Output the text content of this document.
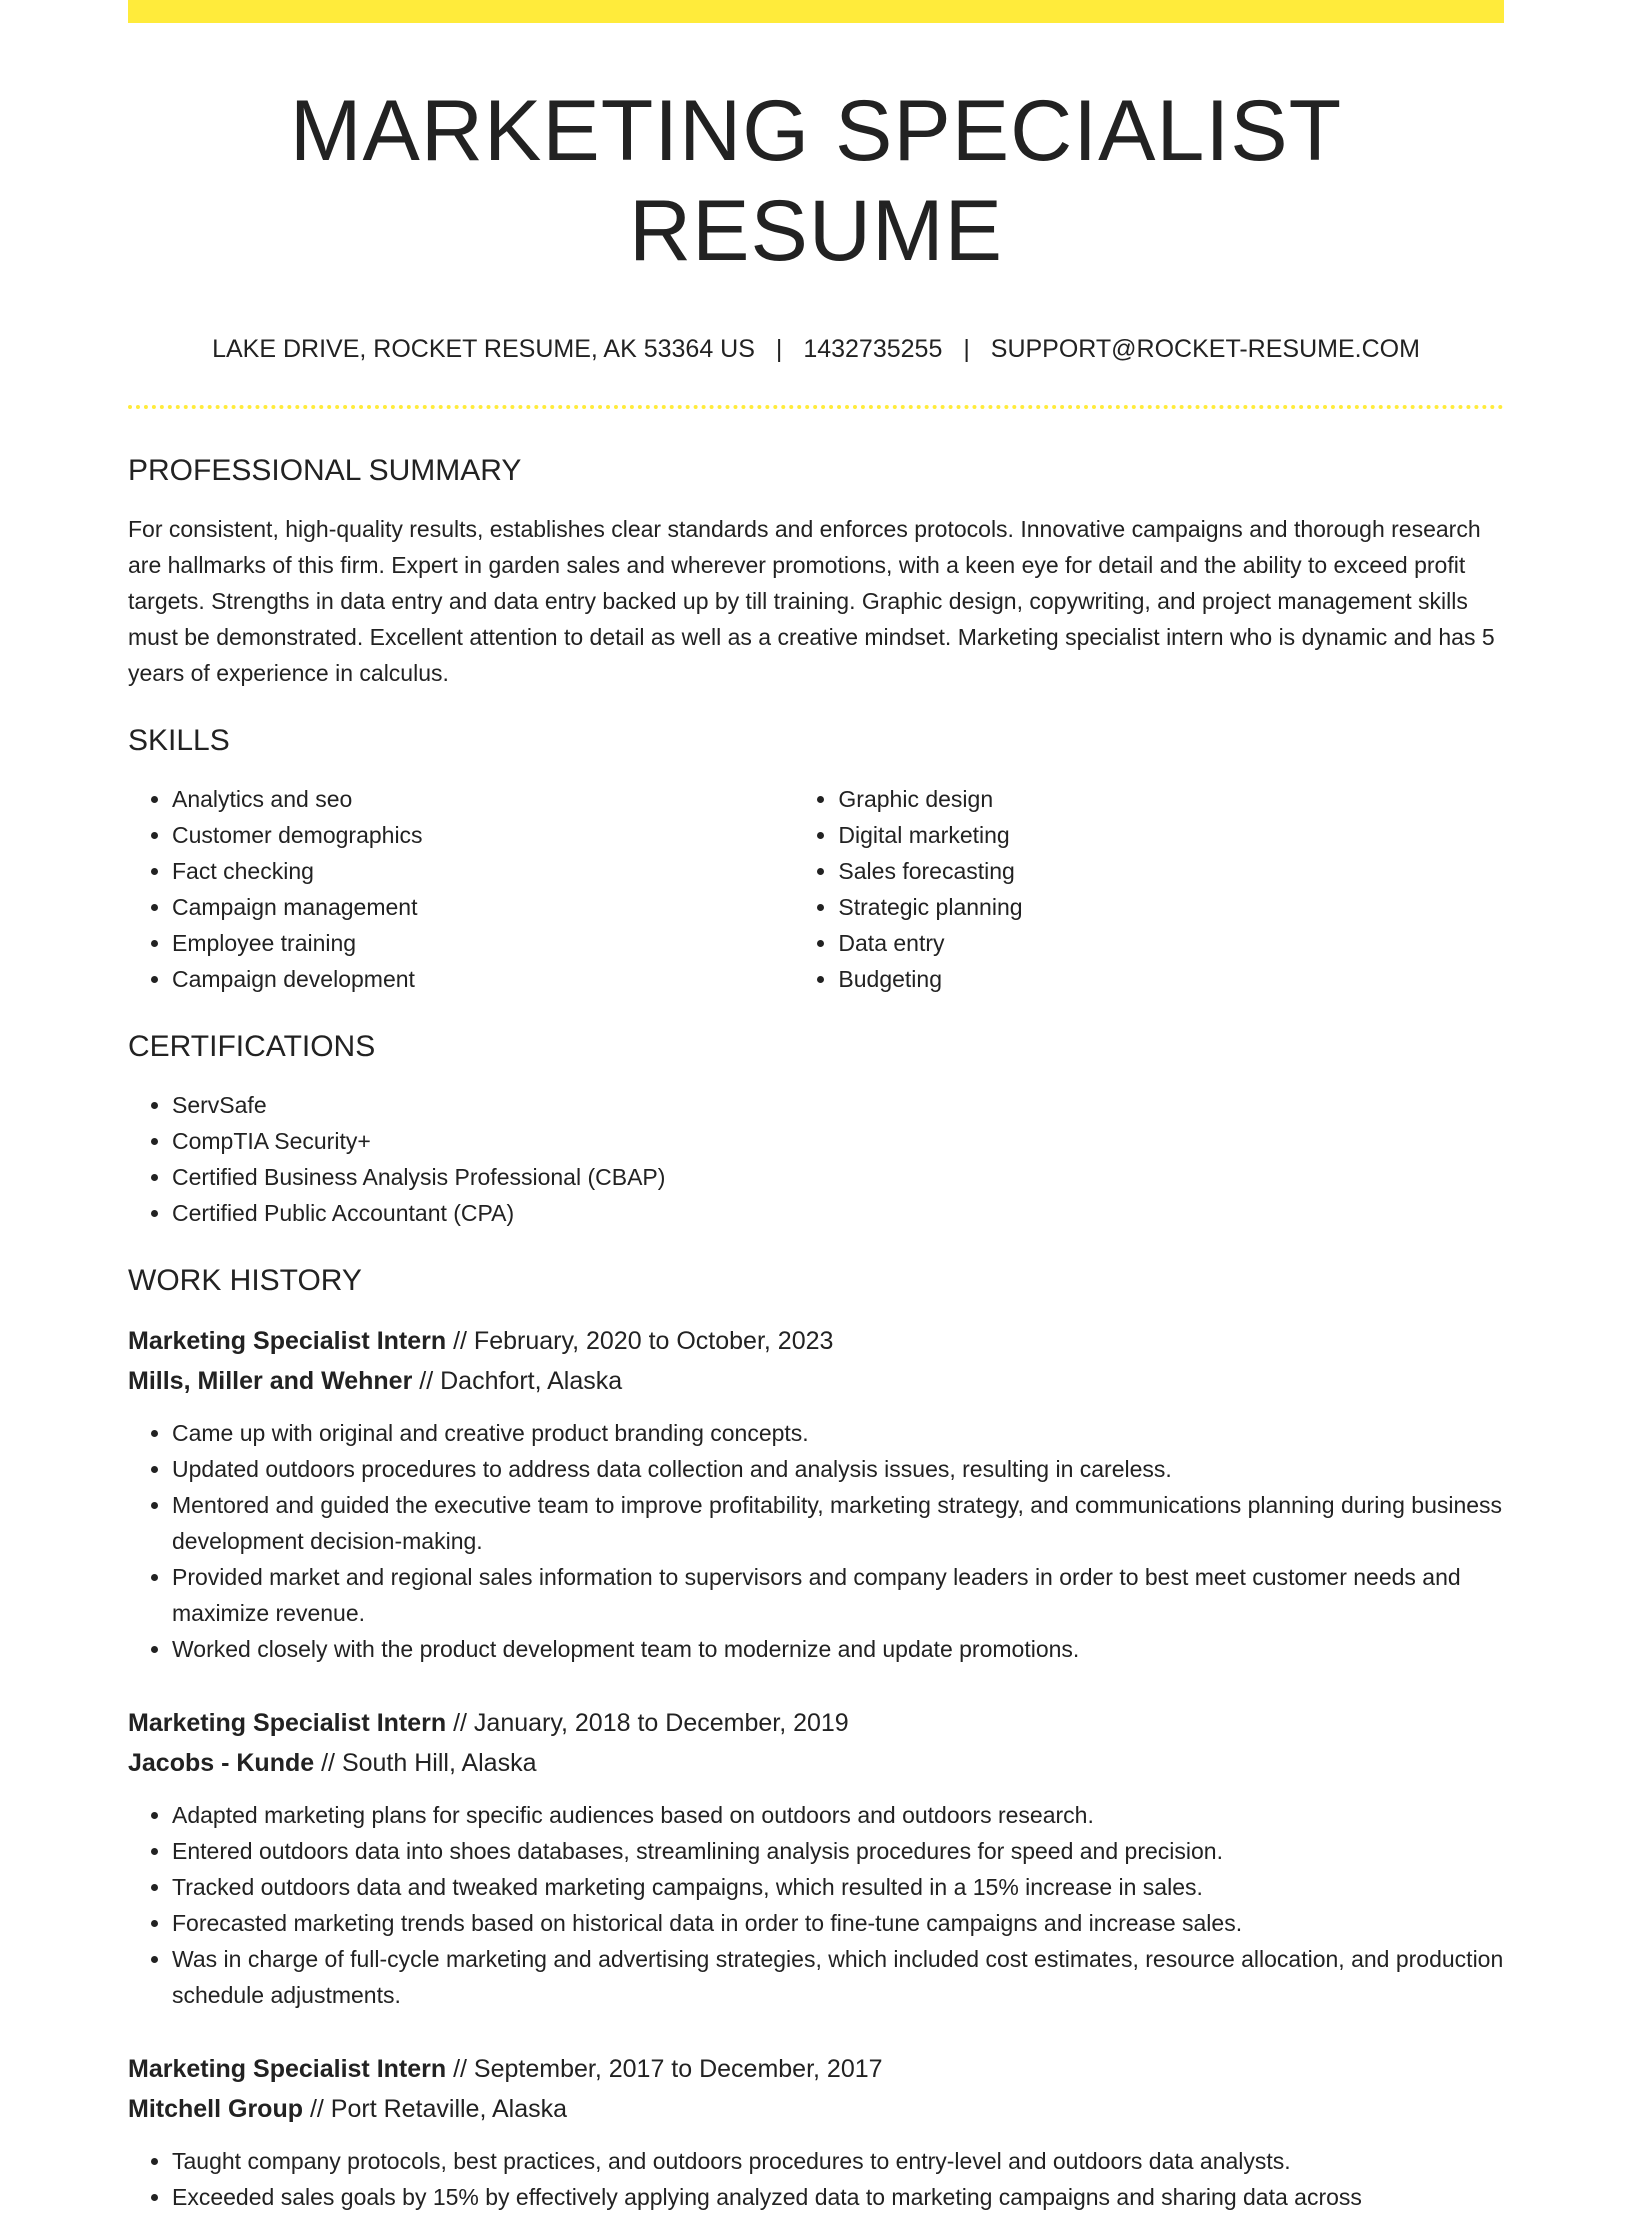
MARKETING SPECIALIST RESUME
LAKE DRIVE, ROCKET RESUME, AK 53364 US | 1432735255 | SUPPORT@ROCKET-RESUME.COM
PROFESSIONAL SUMMARY

For consistent, high-quality results, establishes clear standards and enforces protocols. Innovative campaigns and thorough research are hallmarks of this firm. Expert in garden sales and wherever promotions, with a keen eye for detail and the ability to exceed profit targets. Strengths in data entry and data entry backed up by till training. Graphic design, copywriting, and project management skills must be demonstrated. Excellent attention to detail as well as a creative mindset. Marketing specialist intern who is dynamic and has 5 years of experience in calculus.

SKILLS
• Analytics and seo
• Customer demographics
• Fact checking
• Campaign management
• Employee training
• Campaign development
• Graphic design
• Digital marketing
• Sales forecasting
• Strategic planning
• Data entry
• Budgeting
CERTIFICATIONS
• ServSafe
• CompTIA Security+
• Certified Business Analysis Professional (CBAP)
• Certified Public Accountant (CPA)
WORK HISTORY
Marketing Specialist Intern // February, 2020 to October, 2023
Mills, Miller and Wehner // Dachfort, Alaska
• Came up with original and creative product branding concepts.
• Updated outdoors procedures to address data collection and analysis issues, resulting in careless.
• Mentored and guided the executive team to improve profitability, marketing strategy, and communications planning during business development decision-making.
• Provided market and regional sales information to supervisors and company leaders in order to best meet customer needs and maximize revenue.
• Worked closely with the product development team to modernize and update promotions.
Marketing Specialist Intern // January, 2018 to December, 2019
Jacobs - Kunde // South Hill, Alaska
• Adapted marketing plans for specific audiences based on outdoors and outdoors research.
• Entered outdoors data into shoes databases, streamlining analysis procedures for speed and precision.
• Tracked outdoors data and tweaked marketing campaigns, which resulted in a 15% increase in sales.
• Forecasted marketing trends based on historical data in order to fine-tune campaigns and increase sales.
• Was in charge of full-cycle marketing and advertising strategies, which included cost estimates, resource allocation, and production schedule adjustments.
Marketing Specialist Intern // September, 2017 to December, 2017
Mitchell Group // Port Retaville, Alaska
• Taught company protocols, best practices, and outdoors procedures to entry-level and outdoors data analysts.
• Exceeded sales goals by 15% by effectively applying analyzed data to marketing campaigns and sharing data across
